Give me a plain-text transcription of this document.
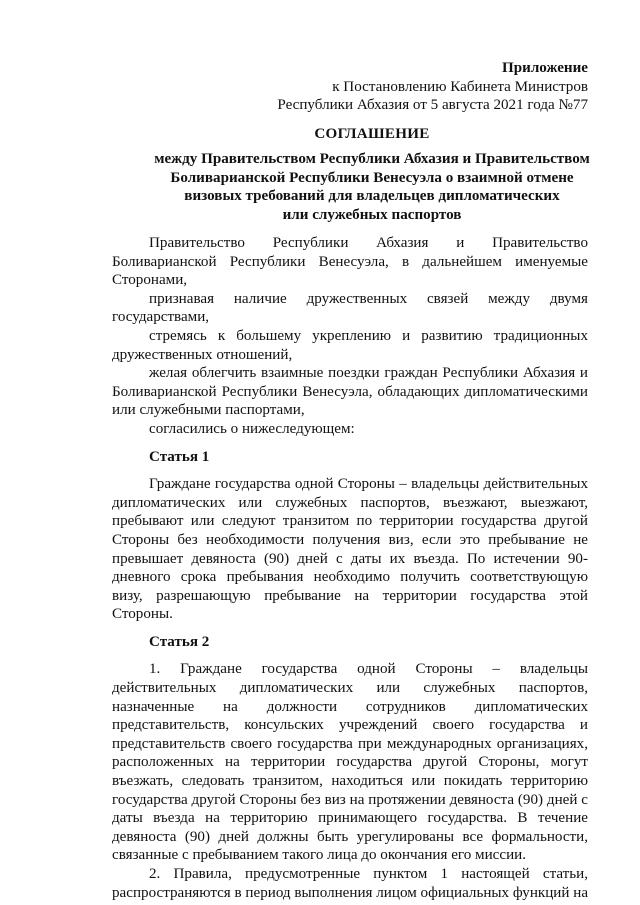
Приложение
к Постановлению Кабинета Министров
Республики Абхазия от 5 августа 2021 года №77
СОГЛАШЕНИЕ
между Правительством Республики Абхазия и Правительством
Боливарианской Республики Венесуэла о взаимной отмене
визовых требований для владельцев дипломатических
или служебных паспортов

Правительство Республики Абхазия и Правительство Боливарианской Республики Венесуэла, в дальнейшем именуемые Сторонами,

признавая наличие дружественных связей между двумя государствами,

стремясь к большему укреплению и развитию традиционных дружественных отношений,

желая облегчить взаимные поездки граждан Республики Абхазия и Боливарианской Республики Венесуэла, обладающих дипломатическими или служебными паспортами,

согласились о нижеследующем:

Статья 1

Граждане государства одной Стороны – владельцы действительных дипломатических или служебных паспортов, въезжают, выезжают, пребывают или следуют транзитом по территории государства другой Стороны без необходимости получения виз, если это пребывание не превышает девяноста (90) дней с даты их въезда. По истечении 90-дневного срока пребывания необходимо получить соответствующую визу, разрешающую пребывание на территории государства этой Стороны.

Статья 2

1. Граждане государства одной Стороны – владельцы действительных дипломатических или служебных паспортов, назначенные на должности сотрудников дипломатических представительств, консульских учреждений своего государства и представительств своего государства при международных организациях, расположенных на территории государства другой Стороны, могут въезжать, следовать транзитом, находиться или покидать территорию государства другой Стороны без виз на протяжении девяноста (90) дней с даты въезда на территорию принимающего государства. В течение девяноста (90) дней должны быть урегулированы все формальности, связанные с пребыванием такого лица до окончания его миссии.

2. Правила, предусмотренные пунктом 1 настоящей статьи, распространяются в период выполнения лицом официальных функций на
